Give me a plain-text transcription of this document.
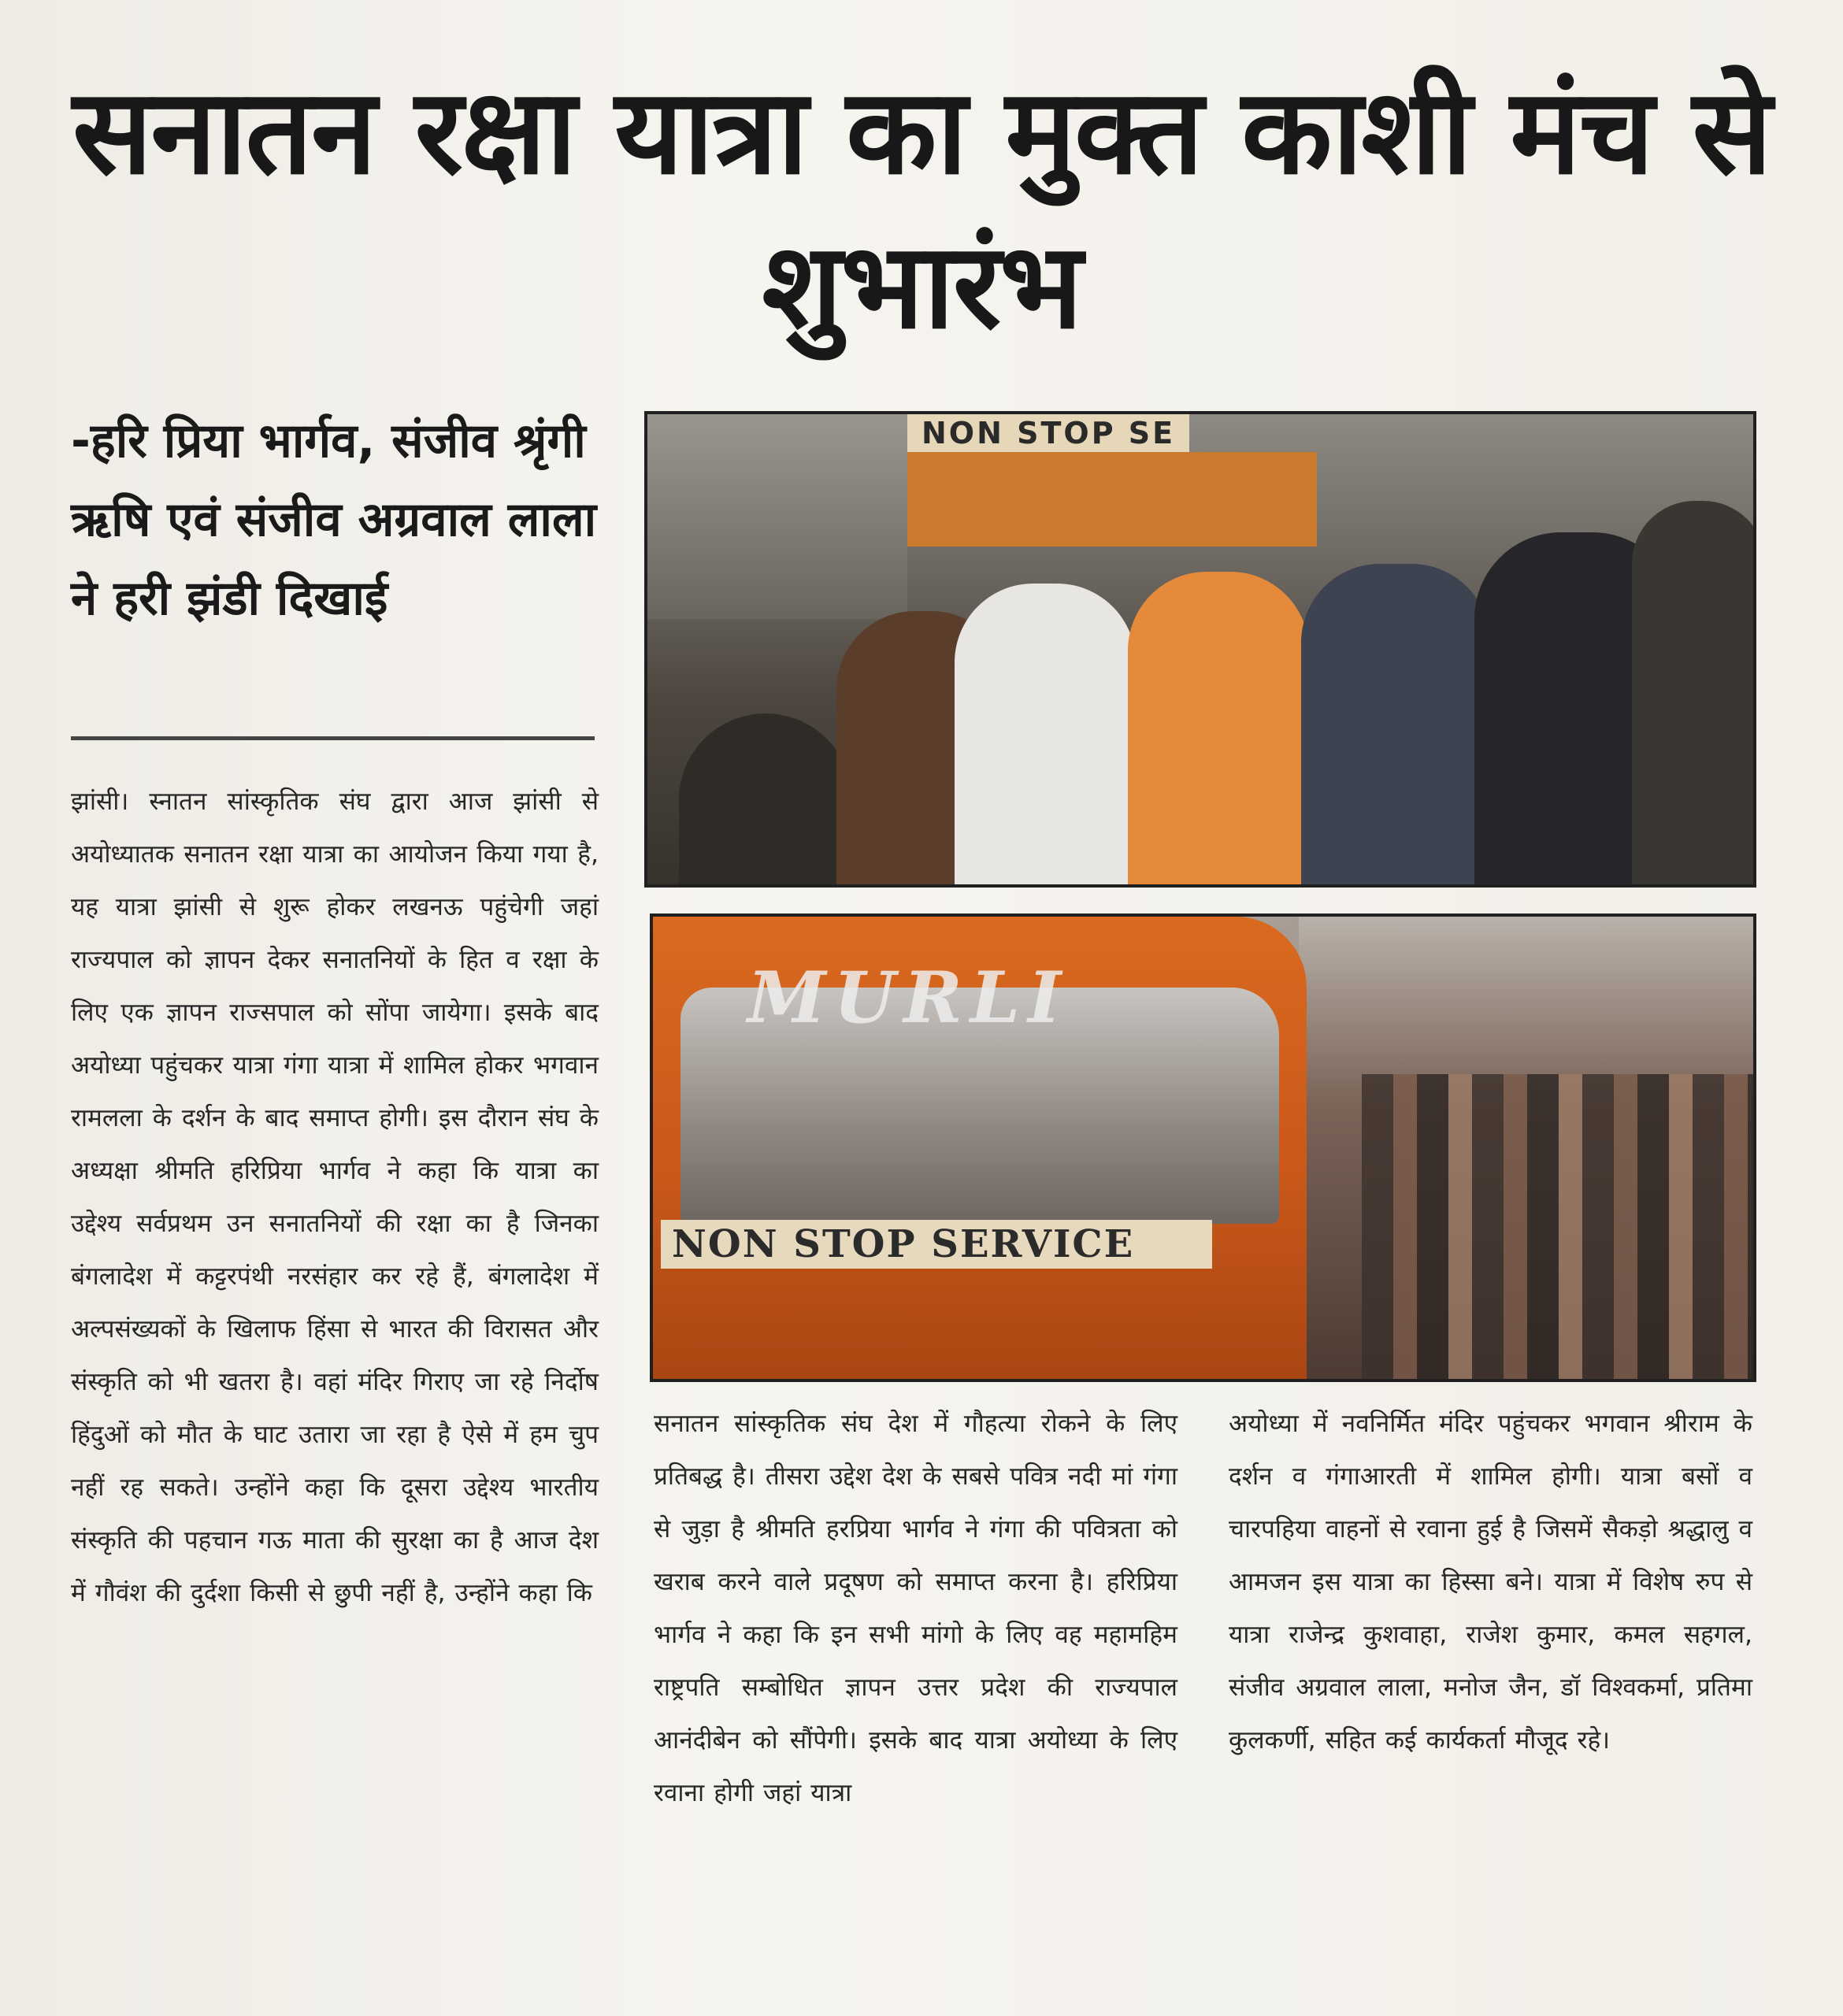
सनातन रक्षा यात्रा का मुक्त काशी मंच से शुभारंभ
-हरि प्रिया भार्गव, संजीव श्रृंगी ऋषि एवं संजीव अग्रवाल लाला ने हरी झंडी दिखाई

झांसी। स्नातन सांस्कृतिक संघ द्वारा आज झांसी से अयोध्यातक सनातन रक्षा यात्रा का आयोजन किया गया है, यह यात्रा झांसी से शुरू होकर लखनऊ पहुंचेगी जहां राज्यपाल को ज्ञापन देकर सनातनियों के हित व रक्षा के लिए एक ज्ञापन राज्सपाल को सोंपा जायेगा। इसके बाद अयोध्या पहुंचकर यात्रा गंगा यात्रा में शामिल होकर भगवान रामलला के दर्शन के बाद समाप्त होगी। इस दौरान संघ के अध्यक्षा श्रीमति हरिप्रिया भार्गव ने कहा कि यात्रा का उद्देश्य सर्वप्रथम उन सनातनियों की रक्षा का है जिनका बंगलादेश में कट्टरपंथी नरसंहार कर रहे हैं, बंगलादेश में अल्पसंख्यकों के खिलाफ हिंसा से भारत की विरासत और संस्कृति को भी खतरा है। वहां मंदिर गिराए जा रहे निर्दोष हिंदुओं को मौत के घाट उतारा जा रहा है ऐसे में हम चुप नहीं रह सकते। उन्होंने कहा कि दूसरा उद्देश्य भारतीय संस्कृति की पहचान गऊ माता की सुरक्षा का है आज देश में गौवंश की दुर्दशा किसी से छुपी नहीं है, उन्होंने कहा कि

NON STOP SE
MURLI
NON STOP SERVICE

सनातन सांस्कृतिक संघ देश में गौहत्या रोकने के लिए प्रतिबद्ध है। तीसरा उद्देश देश के सबसे पवित्र नदी मां गंगा से जुड़ा है श्रीमति हरप्रिया भार्गव ने गंगा की पवित्रता को खराब करने वाले प्रदूषण को समाप्त करना है। हरिप्रिया भार्गव ने कहा कि इन सभी मांगो के लिए वह महामहिम राष्ट्रपति सम्बोधित ज्ञापन उत्तर प्रदेश की राज्यपाल आनंदीबेन को सौंपेगी। इसके बाद यात्रा अयोध्या के लिए रवाना होगी जहां यात्रा

अयोध्या में नवनिर्मित मंदिर पहुंचकर भगवान श्रीराम के दर्शन व गंगाआरती में शामिल होगी। यात्रा बसों व चारपहिया वाहनों से रवाना हुई है जिसमें सैकड़ो श्रद्धालु व आमजन इस यात्रा का हिस्सा बने। यात्रा में विशेष रुप से यात्रा राजेन्द्र कुशवाहा, राजेश कुमार, कमल सहगल, संजीव अग्रवाल लाला, मनोज जैन, डॉ विश्वकर्मा, प्रतिमा कुलकर्णी, सहित कई कार्यकर्ता मौजूद रहे।
